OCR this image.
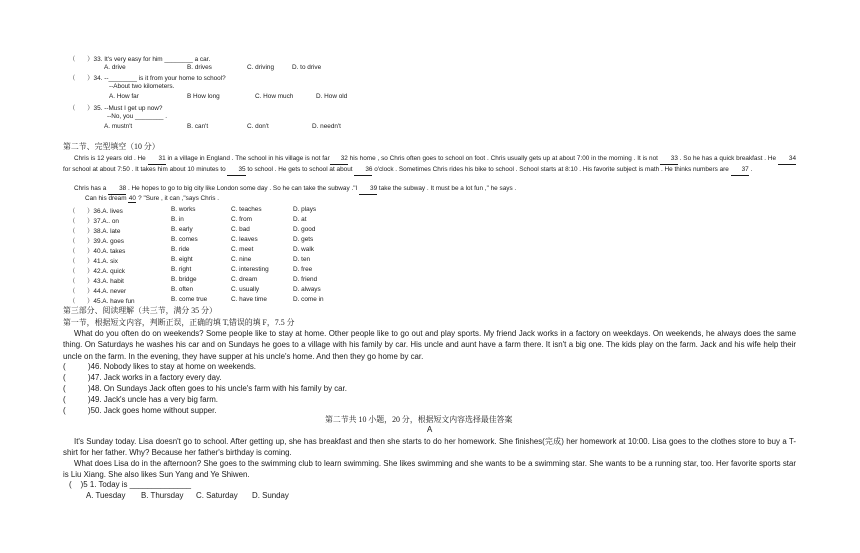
（ ）33. It's very easy for him ________ a car.
A. drive	B. drives	C. driving	D. to drive
（ ）34. --________ is it from your home to school?
--About two kilometers.
A. How far	B How long	C. How much	D. How old
（ ）35. --Must I get up now?
--No, you ________ .
A. mustn't	B. can't	C. don't	D. needn't
第二节、完型填空（10 分）
Chris is 12 years old . He 31 in a village in England . The school in his village is not far 32 his home , so Chris often goes to school on foot . Chris usually gets up at about 7:00 in the morning . It is not 33 . So he has a quick breakfast . He 34 for school at about 7:50 . It takes him about 10 minutes to 35 to school . He gets to school at about 36 o'clock . Sometimes Chris rides his bike to school . School starts at 8:10 . His favorite subject is math . He thinks numbers are 37 .
Chris has a 38 . He hopes to go to big city like London some day . So he can take the subway ."I 39 take the subway . It must be a lot fun ," he says .
Can his dream 40 ? "Sure , it can ,"says Chris .
（ ）36.A. lives	B. works	C. teaches	D. plays
（ ）37.A.. on	B. in	C. from	D. at
（ ）38.A. late	B. early	C. bad	D. good
（ ）39.A. goes	B. comes	C. leaves	D. gets
（ ）40.A. takes	B. ride	C. meet	D. walk
（ ）41.A. six	B. eight	C. nine	D. ten
（ ）42.A. quick	B. right	C. interesting	D. free
（ ）43.A. habit	B. bridge	C. dream	D. friend
（ ）44.A. never	B. often	C. usually	D. always
（ ）45.A. have fun	B. come true	C. have time	D. come in
第三部分、阅读理解（共三节，满分 35 分）
第一节，根据短文内容，判断正误，正确的填 T,错误的填 F，7.5 分
What do you often do on weekends? Some people like to stay at home. Other people like to go out and play sports. My friend Jack works in a factory on weekdays. On weekends, he always does the same thing. On Saturdays he washes his car and on Sundays he goes to a village with his family by car. His uncle and aunt have a farm there. It isn't a big one. The kids play on the farm. Jack and his wife help their uncle on the farm. In the evening, they have supper at his uncle's home. And then they go home by car.
(	)46. Nobody likes to stay at home on weekends.
(	)47. Jack works in a factory every day.
(	)48. On Sundays Jack often goes to his uncle's farm with his family by car.
(	)49. Jack's uncle has a very big farm.
(	)50. Jack goes home without supper.
第二节共 10 小题，20 分，根据短文内容选择最佳答案
A
It's Sunday today. Lisa doesn't go to school. After getting up, she has breakfast and then she starts to do her homework. She finishes(完成) her homework at 10:00. Lisa goes to the clothes store to buy a T-shirt for her father. Why? Because her father's birthday is coming.
What does Lisa do in the afternoon? She goes to the swimming club to learn swimming. She likes swimming and she wants to be a swimming star. She wants to be a running star, too. Her favorite sports star is Liu Xiang. She also likes Sun Yang and Ye Shiwen.
( )5 1. Today is ______________
A. Tuesday B. Thursday C. Saturday D. Sunday
